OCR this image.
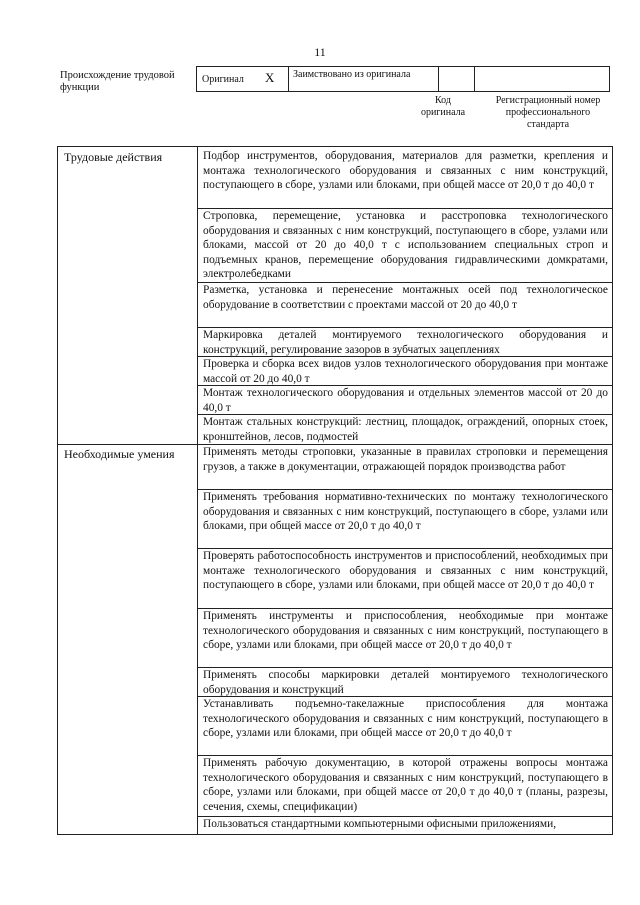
11
Происхождение трудовой функции
Оригинал X	Заимствовано из оригинала
Код оригинала
Регистрационный номер профессионального стандарта
Трудовые действия	Подбор инструментов, оборудования, материалов для разметки, крепления и монтажа технологического оборудования и связанных с ним конструкций, поступающего в сборе, узлами или блоками, при общей массе от 20,0 т до 40,0 т
Строповка, перемещение, установка и расстроповка технологического оборудования и связанных с ним конструкций, поступающего в сборе, узлами или блоками, массой от 20 до 40,0 т с использованием специальных строп и подъемных кранов, перемещение оборудования гидравлическими домкратами, электролебедками
Разметка, установка и перенесение монтажных осей под технологическое оборудование в соответствии с проектами массой от 20 до 40,0 т
Маркировка деталей монтируемого технологического оборудования и конструкций, регулирование зазоров в зубчатых зацеплениях
Проверка и сборка всех видов узлов технологического оборудования при монтаже массой от 20 до 40,0 т
Монтаж технологического оборудования и отдельных элементов массой от 20 до 40,0 т
Монтаж стальных конструкций: лестниц, площадок, ограждений, опорных стоек, кронштейнов, лесов, подмостей
Необходимые умения	Применять методы строповки, указанные в правилах строповки и перемещения грузов, а также в документации, отражающей порядок производства работ
Применять требования нормативно-технических по монтажу технологического оборудования и связанных с ним конструкций, поступающего в сборе, узлами или блоками, при общей массе от 20,0 т до 40,0 т
Проверять работоспособность инструментов и приспособлений, необходимых при монтаже технологического оборудования и связанных с ним конструкций, поступающего в сборе, узлами или блоками, при общей массе от 20,0 т до 40,0 т
Применять инструменты и приспособления, необходимые при монтаже технологического оборудования и связанных с ним конструкций, поступающего в сборе, узлами или блоками, при общей массе от 20,0 т до 40,0 т
Применять способы маркировки деталей монтируемого технологического оборудования и конструкций
Устанавливать подъемно-такелажные приспособления для монтажа технологического оборудования и связанных с ним конструкций, поступающего в сборе, узлами или блоками, при общей массе от 20,0 т до 40,0 т
Применять рабочую документацию, в которой отражены вопросы монтажа технологического оборудования и связанных с ним конструкций, поступающего в сборе, узлами или блоками, при общей массе от 20,0 т до 40,0 т (планы, разрезы, сечения, схемы, спецификации)
Пользоваться стандартными компьютерными офисными приложениями,
